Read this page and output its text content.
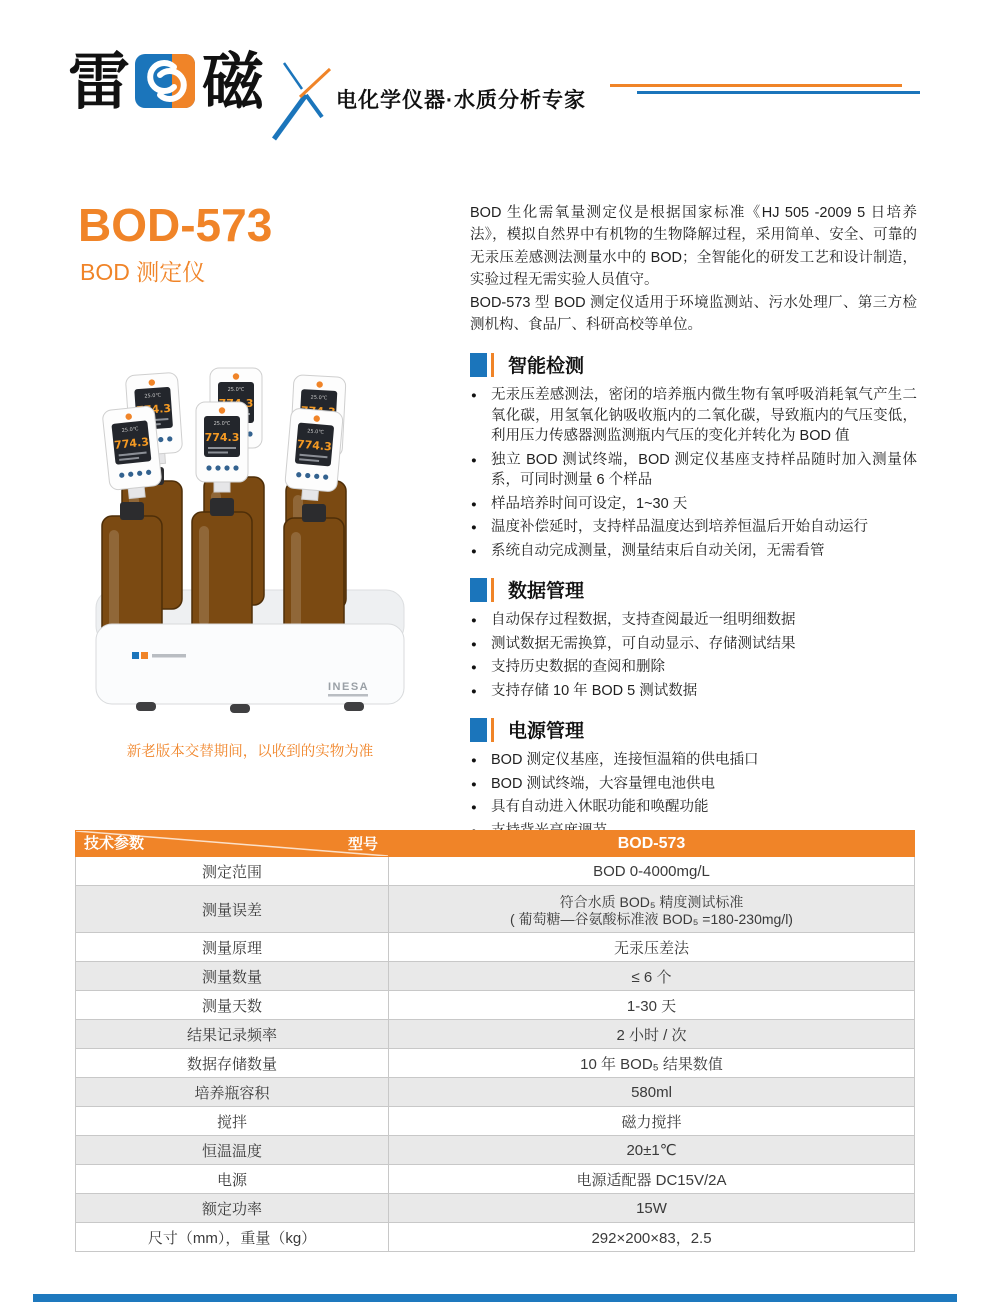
雷 磁	电化学仪器·水质分析专家
BOD-573
BOD 测定仪
25.0℃
774.3
INESA
新老版本交替期间，以收到的实物为准

BOD 生化需氧量测定仪是根据国家标准《HJ 505 -2009 5 日培养法》，模拟自然界中有机物的生物降解过程，采用简单、安全、可靠的无汞压差感测法测量水中的 BOD；全智能化的研发工艺和设计制造，实验过程无需实验人员值守。

BOD-573 型 BOD 测定仪适用于环境监测站、污水处理厂、第三方检测机构、食品厂、科研高校等单位。

智能检测
● 无汞压差感测法，密闭的培养瓶内微生物有氧呼吸消耗氧气产生二氧化碳，用氢氧化钠吸收瓶内的二氧化碳，导致瓶内的气压变低，利用压力传感器测监测瓶内气压的变化并转化为 BOD 值
● 独立 BOD 测试终端，BOD 测定仪基座支持样品随时加入测量体系，可同时测量 6 个样品
● 样品培养时间可设定，1~30 天
● 温度补偿延时，支持样品温度达到培养恒温后开始自动运行
● 系统自动完成测量，测量结束后自动关闭，无需看管
数据管理
● 自动保存过程数据，支持查阅最近一组明细数据
● 测试数据无需换算，可自动显示、存储测试结果
● 支持历史数据的查阅和删除
● 支持存储 10 年 BOD 5 测试数据
电源管理
● BOD 测定仪基座，连接恒温箱的供电插口
● BOD 测试终端，大容量锂电池供电
● 具有自动进入休眠功能和唤醒功能
●
技术参数 型号	BOD-573
测定范围	BOD 0-4000mg/L
测量误差	符合水质 BOD₅ 精度测试标准
( 葡萄糖—谷氨酸标准液 BOD₅ =180-230mg/l)

测量原理	无汞压差法
测量数量	≤ 6 个
测量天数	1-30 天
结果记录频率	2 小时 / 次
数据存储数量	10 年 BOD₅ 结果数值
培养瓶容积	580ml
搅拌	磁力搅拌
恒温温度	20±1℃
电源	电源适配器 DC15V/2A
额定功率	15W
尺寸（mm），重量（kg）	292×200×83，2.5
